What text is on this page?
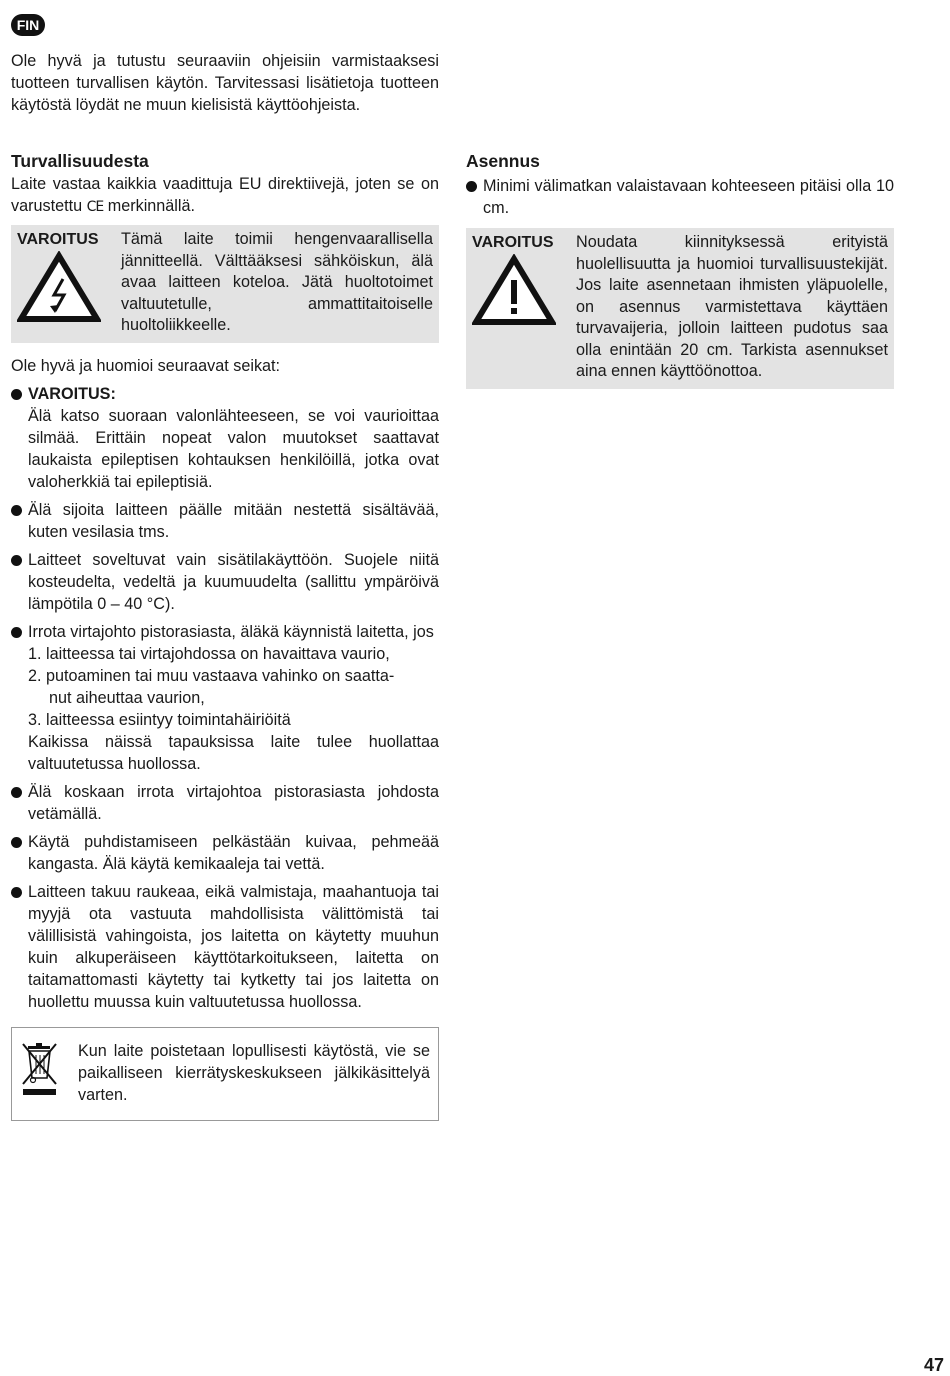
FIN

Ole hyvä ja tutustu seuraaviin ohjeisiin varmistaaksesi tuotteen turvallisen käytön. Tarvitessasi lisätietoja tuotteen käytöstä löydät ne muun kielisistä käyttöohjeista.

Turvallisuudesta

Laite vastaa kaikkia vaadittuja EU direktiivejä, joten se on varustettu CE merkinnällä.

VAROITUS	Tämä laite toimii hengenvaarallisella jännitteellä. Välttääksesi sähköiskun, älä avaa laitteen koteloa. Jätä huoltotoimet valtuutetulle, ammattitaitoiselle huoltoliikkeelle.

Ole hyvä ja huomioi seuraavat seikat:

VAROITUS:
Älä katso suoraan valonlähteeseen, se voi vaurioittaa silmää. Erittäin nopeat valon muutokset saattavat laukaista epileptisen kohtauksen henkilöillä, jotka ovat valoherkkiä tai epileptisiä.
Älä sijoita laitteen päälle mitään nestettä sisältävää, kuten vesilasia tms.
Laitteet soveltuvat vain sisätilakäyttöön. Suojele niitä kosteudelta, vedeltä ja kuumuudelta (sallittu ympäröivä lämpötila 0 – 40 °C).
Irrota virtajohto pistorasiasta, äläkä käynnistä laitetta, jos
1. laitteessa tai virtajohdossa on havaittava vaurio,
2. putoaminen tai muu vastaava vahinko on saatta-
nut aiheuttaa vaurion,
3. laitteessa esiintyy toimintahäiriöitä
Kaikissa näissä tapauksissa laite tulee huollattaa valtuutetussa huollossa.
Älä koskaan irrota virtajohtoa pistorasiasta johdosta vetämällä.
Käytä puhdistamiseen pelkästään kuivaa, pehmeää kangasta. Älä käytä kemikaaleja tai vettä.
Laitteen takuu raukeaa, eikä valmistaja, maahantuoja tai myyjä ota vastuuta mahdollisista välittömistä tai välillisistä vahingoista, jos laitetta on käytetty muuhun kuin alkuperäiseen käyttötarkoitukseen, laitetta on taitamattomasti käytetty tai kytketty tai jos laitetta on huollettu muussa kuin valtuutetussa huollossa.
Kun laite poistetaan lopullisesti käytöstä, vie se paikalliseen kierrätyskeskukseen jälkikäsittelyä varten.
Asennus
Minimi välimatkan valaistavaan kohteeseen pitäisi olla 10 cm.
VAROITUS	Noudata kiinnityksessä erityistä huolellisuutta ja huomioi turvallisuustekijät. Jos laite asennetaan ihmisten yläpuolelle, on asennus varmistettava käyttäen turvavaijeria, jolloin laitteen pudotus saa olla enintään 20 cm. Tarkista asennukset aina ennen käyttöönottoa.
47
